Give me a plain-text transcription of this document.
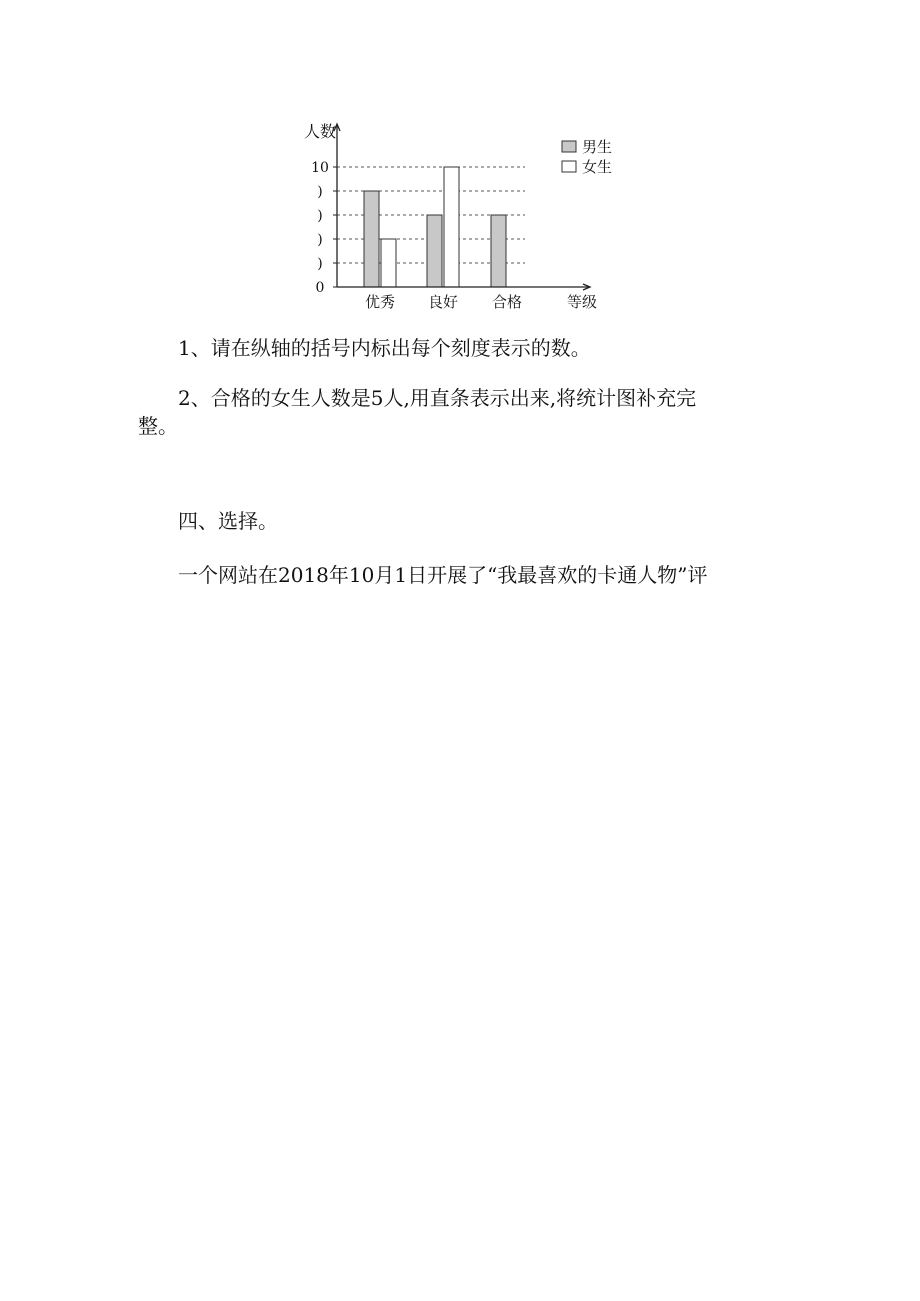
0
)
)
)
)
10
优秀 良好 合格
人数
等级
男生
女生

1、请在纵轴的括号内标出每个刻度表示的数。

2、合格的女生人数是5人,用直条表示出来,将统计图补充完

整。

四、选择。

一个网站在2018年10月1日开展了“我最喜欢的卡通人物”评
